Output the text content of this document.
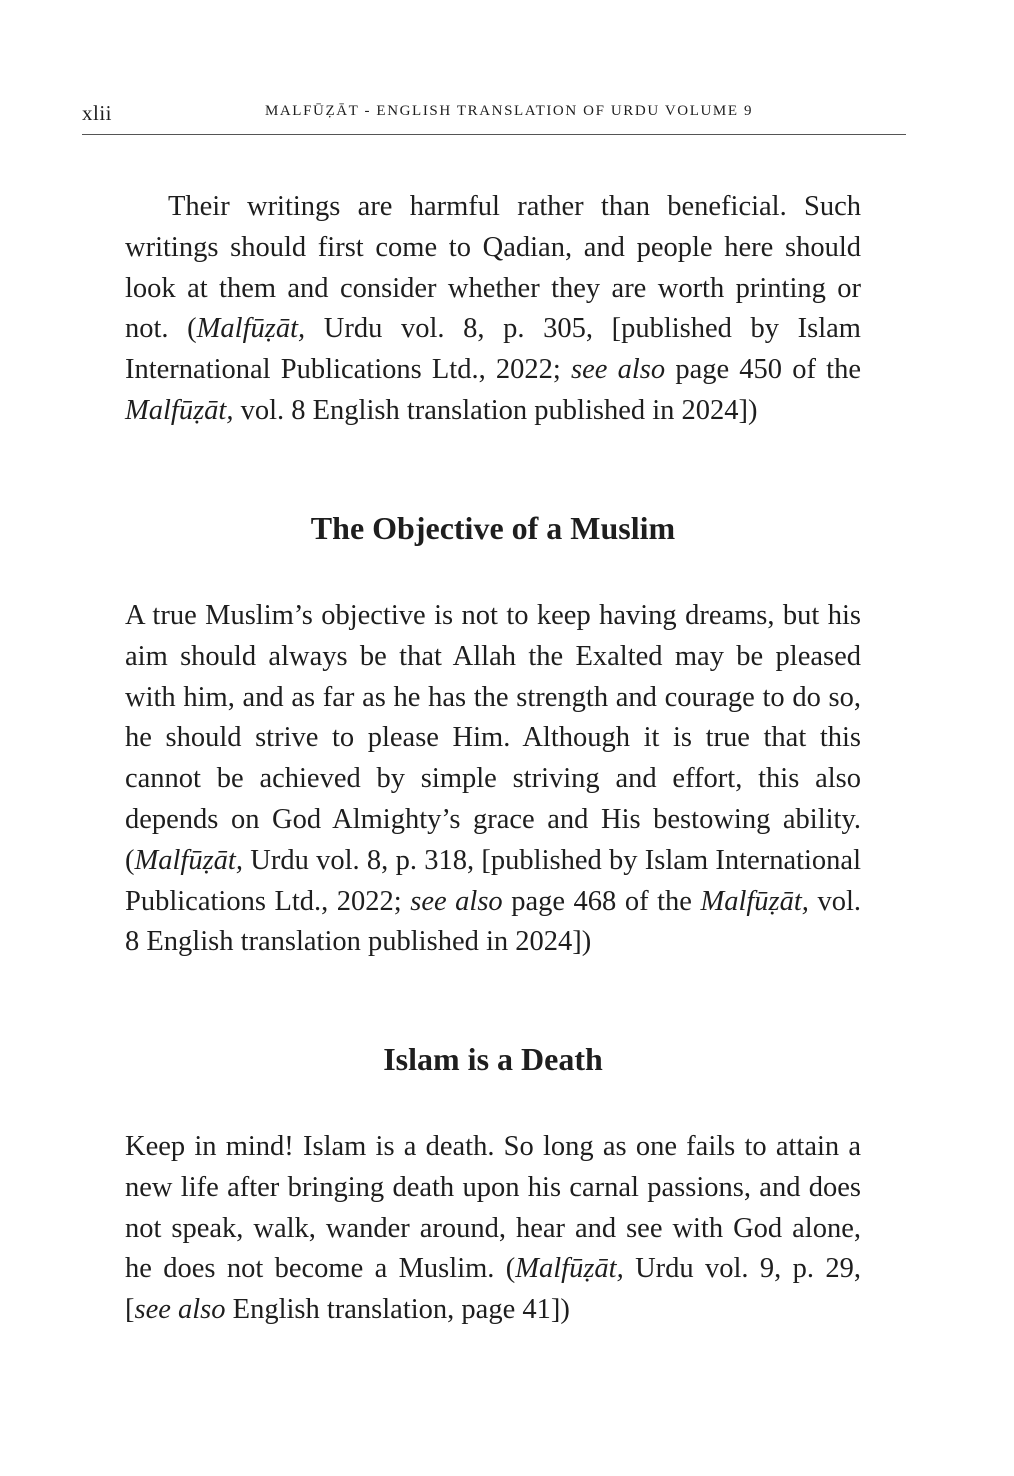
xlii	MALFŪẒĀT - ENGLISH TRANSLATION OF URDU VOLUME 9

Their writings are harmful rather than beneficial. Such writings should first come to Qadian, and people here should look at them and consider whether they are worth printing or not. (Malfūẓāt, Urdu vol. 8, p. 305, [published by Islam International Publications Ltd., 2022; see also page 450 of the Malfūẓāt, vol. 8 English translation published in 2024])

The Objective of a Muslim

A true Muslim’s objective is not to keep having dreams, but his aim should always be that Allah the Exalted may be pleased with him, and as far as he has the strength and courage to do so, he should strive to please Him. Although it is true that this cannot be achieved by simple striving and effort, this also depends on God Almighty’s grace and His bestowing ability. (Malfūẓāt, Urdu vol. 8, p. 318, [published by Islam International Publications Ltd., 2022; see also page 468 of the Malfūẓāt, vol. 8 English translation published in 2024])

Islam is a Death

Keep in mind! Islam is a death. So long as one fails to attain a new life after bringing death upon his carnal passions, and does not speak, walk, wander around, hear and see with God alone, he does not become a Muslim. (Malfūẓāt, Urdu vol. 9, p. 29, [see also English translation, page 41])
